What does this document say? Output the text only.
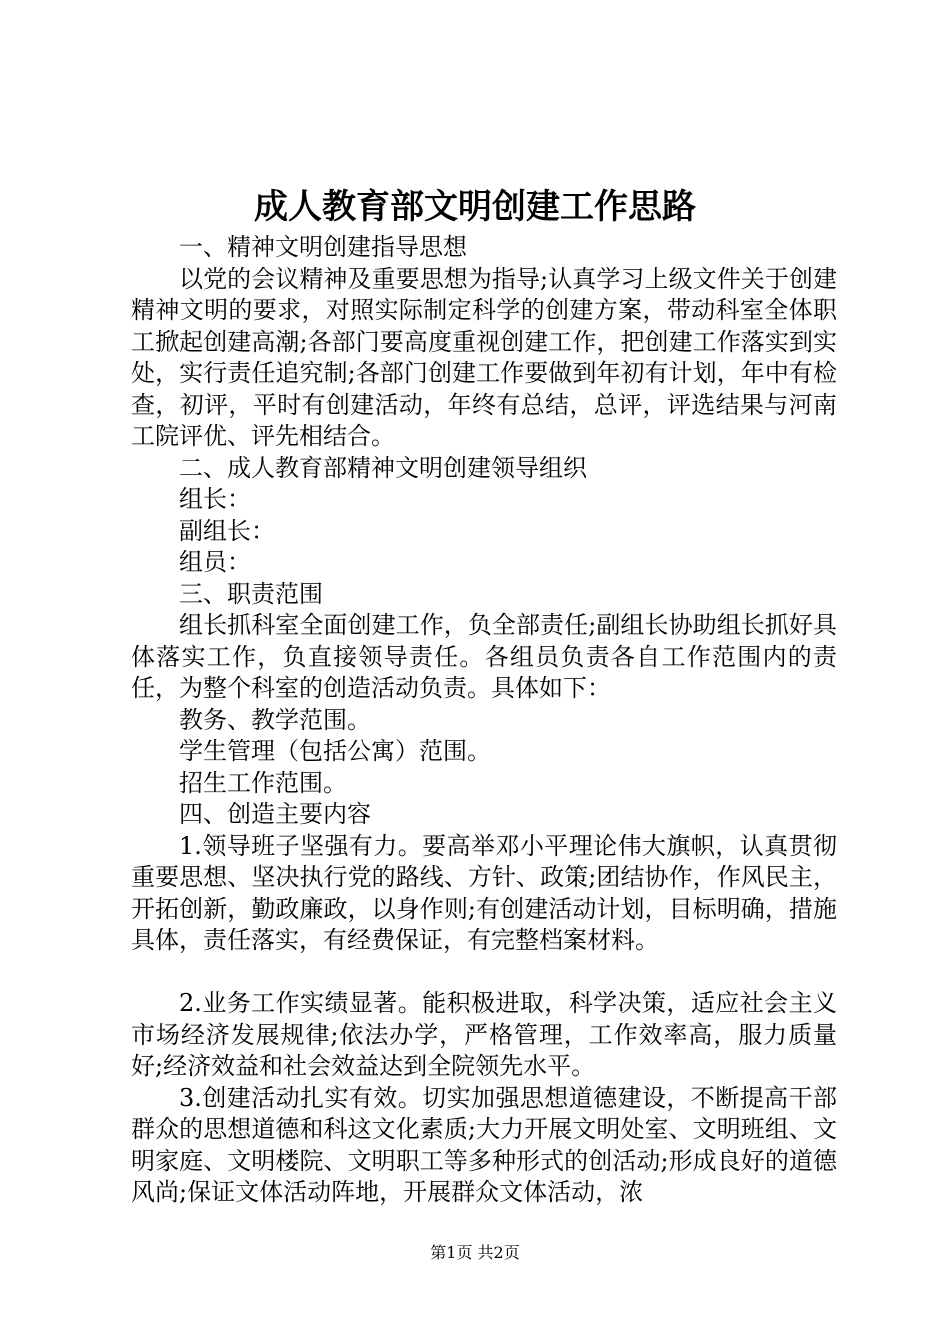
成人教育部文明创建工作思路

一、精神文明创建指导思想

以党的会议精神及重要思想为指导;认真学习上级文件关于创建精神文明的要求，对照实际制定科学的创建方案，带动科室全体职工掀起创建高潮;各部门要高度重视创建工作，把创建工作落实到实处，实行责任追究制;各部门创建工作要做到年初有计划，年中有检查，初评，平时有创建活动，年终有总结，总评，评选结果与河南工院评优、评先相结合。

二、成人教育部精神文明创建领导组织

组长：

副组长：

组员：

三、职责范围

组长抓科室全面创建工作，负全部责任;副组长协助组长抓好具体落实工作，负直接领导责任。各组员负责各自工作范围内的责任，为整个科室的创造活动负责。具体如下：

教务、教学范围。

学生管理（包括公寓）范围。

招生工作范围。

四、创造主要内容

1.领导班子坚强有力。要高举邓小平理论伟大旗帜，认真贯彻重要思想、坚决执行党的路线、方针、政策;团结协作，作风民主，开拓创新，勤政廉政，以身作则;有创建活动计划，目标明确，措施具体，责任落实，有经费保证，有完整档案材料。

2.业务工作实绩显著。能积极进取，科学决策，适应社会主义市场经济发展规律;依法办学，严格管理，工作效率高，服力质量好;经济效益和社会效益达到全院领先水平。

3.创建活动扎实有效。切实加强思想道德建设，不断提高干部群众的思想道德和科这文化素质;大力开展文明处室、文明班组、文明家庭、文明楼院、文明职工等多种形式的创活动;形成良好的道德风尚;保证文体活动阵地，开展群众文体活动，浓

第1页 共2页
